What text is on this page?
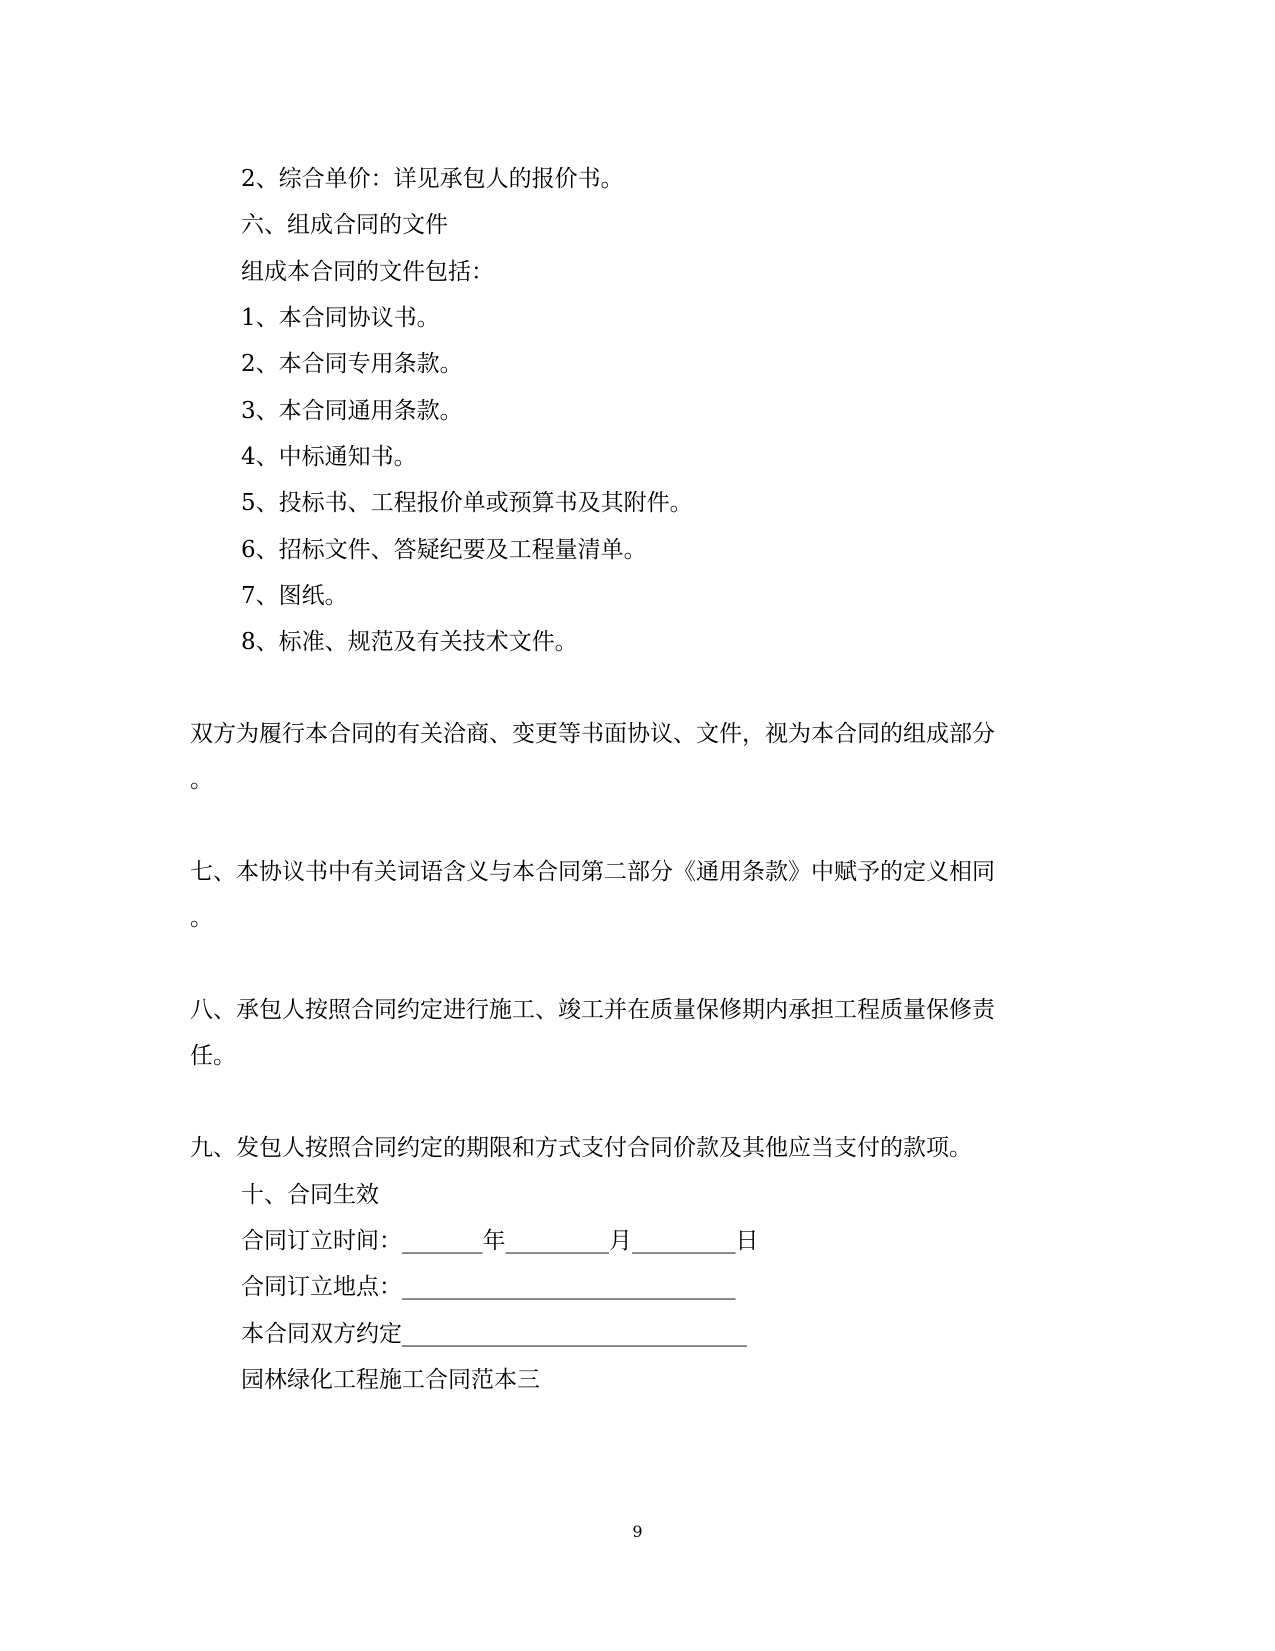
2、综合单价：详见承包人的报价书。
六、组成合同的文件
组成本合同的文件包括：
1、本合同协议书。
2、本合同专用条款。
3、本合同通用条款。
4、中标通知书。
5、投标书、工程报价单或预算书及其附件。
6、招标文件、答疑纪要及工程量清单。
7、图纸。
8、标准、规范及有关技术文件。
双方为履行本合同的有关洽商、变更等书面协议、文件，视为本合同的组成部分
。
七、本协议书中有关词语含义与本合同第二部分《通用条款》中赋予的定义相同
。
八、承包人按照合同约定进行施工、竣工并在质量保修期内承担工程质量保修责
任。
九、发包人按照合同约定的期限和方式支付合同价款及其他应当支付的款项。
十、合同生效
合同订立时间：_______年_________月_________日
合同订立地点：_____________________________
本合同双方约定______________________________
园林绿化工程施工合同范本三
9
